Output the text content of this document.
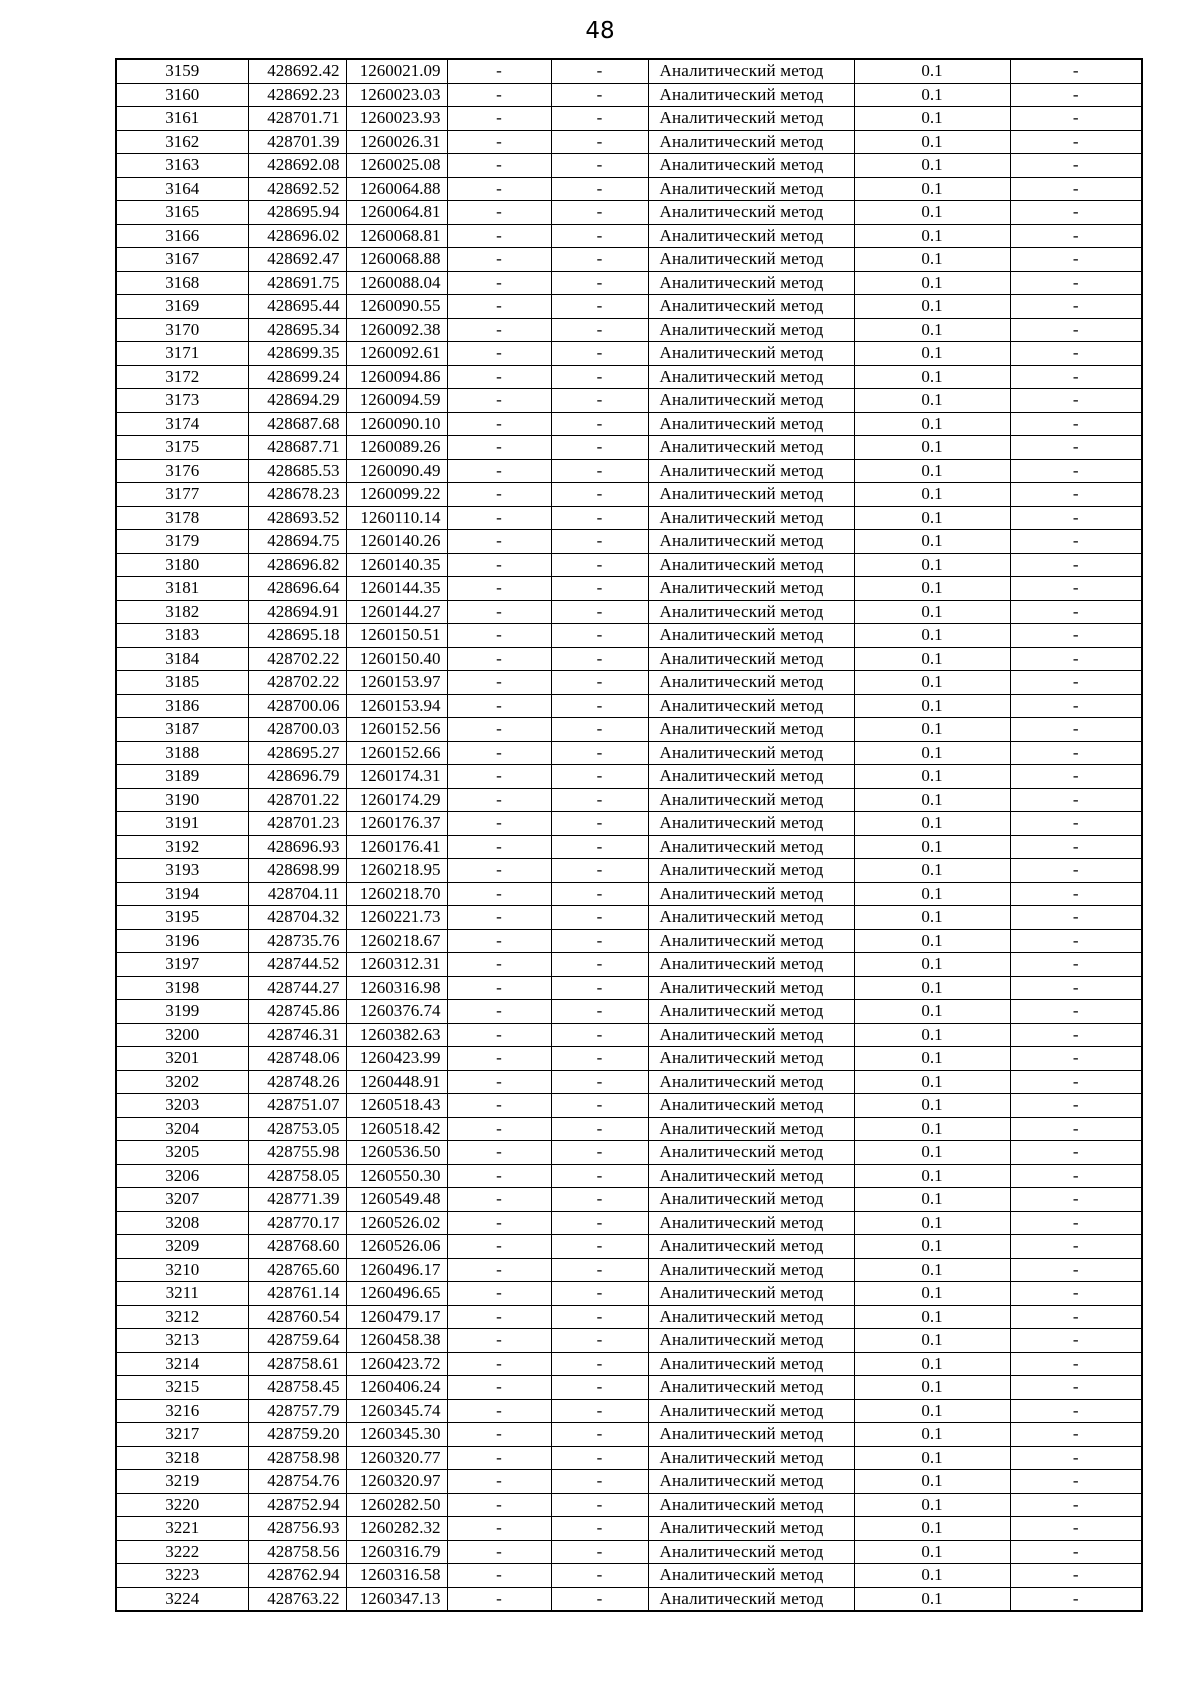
48
3159	428692.42	1260021.09	-	-	Аналитический метод	0.1	-
3160	428692.23	1260023.03	-	-	Аналитический метод	0.1	-
3161	428701.71	1260023.93	-	-	Аналитический метод	0.1	-
3162	428701.39	1260026.31	-	-	Аналитический метод	0.1	-
3163	428692.08	1260025.08	-	-	Аналитический метод	0.1	-
3164	428692.52	1260064.88	-	-	Аналитический метод	0.1	-
3165	428695.94	1260064.81	-	-	Аналитический метод	0.1	-
3166	428696.02	1260068.81	-	-	Аналитический метод	0.1	-
3167	428692.47	1260068.88	-	-	Аналитический метод	0.1	-
3168	428691.75	1260088.04	-	-	Аналитический метод	0.1	-
3169	428695.44	1260090.55	-	-	Аналитический метод	0.1	-
3170	428695.34	1260092.38	-	-	Аналитический метод	0.1	-
3171	428699.35	1260092.61	-	-	Аналитический метод	0.1	-
3172	428699.24	1260094.86	-	-	Аналитический метод	0.1	-
3173	428694.29	1260094.59	-	-	Аналитический метод	0.1	-
3174	428687.68	1260090.10	-	-	Аналитический метод	0.1	-
3175	428687.71	1260089.26	-	-	Аналитический метод	0.1	-
3176	428685.53	1260090.49	-	-	Аналитический метод	0.1	-
3177	428678.23	1260099.22	-	-	Аналитический метод	0.1	-
3178	428693.52	1260110.14	-	-	Аналитический метод	0.1	-
3179	428694.75	1260140.26	-	-	Аналитический метод	0.1	-
3180	428696.82	1260140.35	-	-	Аналитический метод	0.1	-
3181	428696.64	1260144.35	-	-	Аналитический метод	0.1	-
3182	428694.91	1260144.27	-	-	Аналитический метод	0.1	-
3183	428695.18	1260150.51	-	-	Аналитический метод	0.1	-
3184	428702.22	1260150.40	-	-	Аналитический метод	0.1	-
3185	428702.22	1260153.97	-	-	Аналитический метод	0.1	-
3186	428700.06	1260153.94	-	-	Аналитический метод	0.1	-
3187	428700.03	1260152.56	-	-	Аналитический метод	0.1	-
3188	428695.27	1260152.66	-	-	Аналитический метод	0.1	-
3189	428696.79	1260174.31	-	-	Аналитический метод	0.1	-
3190	428701.22	1260174.29	-	-	Аналитический метод	0.1	-
3191	428701.23	1260176.37	-	-	Аналитический метод	0.1	-
3192	428696.93	1260176.41	-	-	Аналитический метод	0.1	-
3193	428698.99	1260218.95	-	-	Аналитический метод	0.1	-
3194	428704.11	1260218.70	-	-	Аналитический метод	0.1	-
3195	428704.32	1260221.73	-	-	Аналитический метод	0.1	-
3196	428735.76	1260218.67	-	-	Аналитический метод	0.1	-
3197	428744.52	1260312.31	-	-	Аналитический метод	0.1	-
3198	428744.27	1260316.98	-	-	Аналитический метод	0.1	-
3199	428745.86	1260376.74	-	-	Аналитический метод	0.1	-
3200	428746.31	1260382.63	-	-	Аналитический метод	0.1	-
3201	428748.06	1260423.99	-	-	Аналитический метод	0.1	-
3202	428748.26	1260448.91	-	-	Аналитический метод	0.1	-
3203	428751.07	1260518.43	-	-	Аналитический метод	0.1	-
3204	428753.05	1260518.42	-	-	Аналитический метод	0.1	-
3205	428755.98	1260536.50	-	-	Аналитический метод	0.1	-
3206	428758.05	1260550.30	-	-	Аналитический метод	0.1	-
3207	428771.39	1260549.48	-	-	Аналитический метод	0.1	-
3208	428770.17	1260526.02	-	-	Аналитический метод	0.1	-
3209	428768.60	1260526.06	-	-	Аналитический метод	0.1	-
3210	428765.60	1260496.17	-	-	Аналитический метод	0.1	-
3211	428761.14	1260496.65	-	-	Аналитический метод	0.1	-
3212	428760.54	1260479.17	-	-	Аналитический метод	0.1	-
3213	428759.64	1260458.38	-	-	Аналитический метод	0.1	-
3214	428758.61	1260423.72	-	-	Аналитический метод	0.1	-
3215	428758.45	1260406.24	-	-	Аналитический метод	0.1	-
3216	428757.79	1260345.74	-	-	Аналитический метод	0.1	-
3217	428759.20	1260345.30	-	-	Аналитический метод	0.1	-
3218	428758.98	1260320.77	-	-	Аналитический метод	0.1	-
3219	428754.76	1260320.97	-	-	Аналитический метод	0.1	-
3220	428752.94	1260282.50	-	-	Аналитический метод	0.1	-
3221	428756.93	1260282.32	-	-	Аналитический метод	0.1	-
3222	428758.56	1260316.79	-	-	Аналитический метод	0.1	-
3223	428762.94	1260316.58	-	-	Аналитический метод	0.1	-
3224	428763.22	1260347.13	-	-	Аналитический метод	0.1	-
